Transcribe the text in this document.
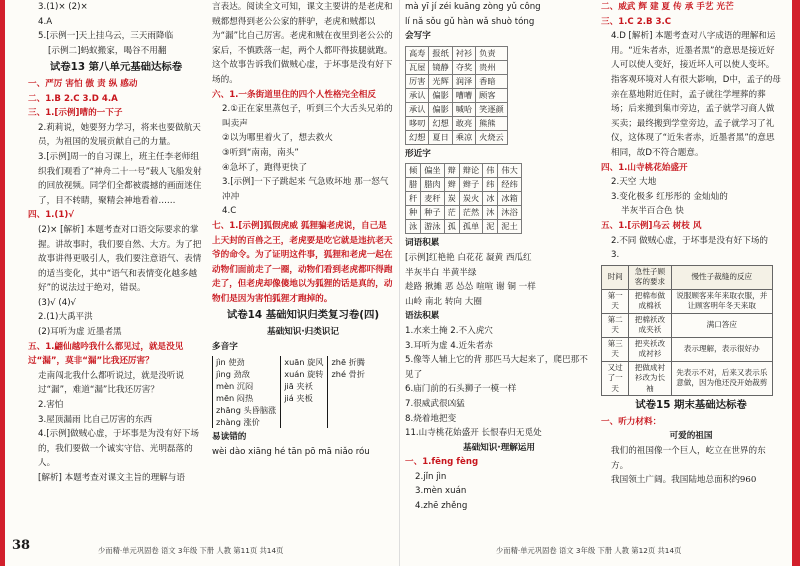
3.(1)× (2)×
4.A
5.[示例一]天上挂乌云，三天雨降临
[示例二]蚂蚁搬家，喝谷不用翻
试卷13 第八单元基础达标卷
一、严厉 害怕 傲 责 纵 感动
二、1.B 2.C 3.D 4.A
三、1.[示例]嘈的一下子
2.莉莉说，她要努力学习，将来也要做航天员，为祖国的发展贡献自己的力量。
3.[示例]周一的自习课上，班主任李老师组织我们观看了“神舟二十一号”载人飞船发射的回放视频。同学们全都被震撼的画面迷住了，目不转睛，聚精会神地看着……
四、1.(1)√
(2)× [解析] 本题考查对口语交际要求的掌握。讲故事时，我们要自然、大方。为了把故事讲得更吸引人，我们要注意语气、表情的适当变化，其中“语气和表情变化越多越好”的说法过于绝对，错误。
(3)√ (4)√
2.(1)大禹平洪
(2)耳听为虚 近墨者黑
五、1.翩仙越吟我什么都见过，就是没见过“漏”，莫非“漏”比我还厉害？
走南闯北我什么都听说过，就是没听说过“漏”，难道“漏”比我还厉害？
2.害怕
3.屋顶漏雨 比自己厉害的东西
4.[示例]做贼心虚，于坏事是为没有好下场的，我们要做一个诚实守信、光明磊落的人。
[解析] 本题考查对课文主旨的理解与语
言表达。阅读全文可知，课文主要讲的是老虎和贼都想得到老公公家的胖驴，老虎和贼都以为“漏”比自己厉害。老虎和贼在夜里到老公公的家后，不慎跌落一起，两个人都吓得拔腿就跑。这个故事告诉我们做贼心虚，于坏事是没有好下场的。
六、1.一条街道里住的四个人性格完全相反
2.①正在家里蒸包子，听到三个大舌头兄弟的叫卖声
②以为哪里着火了，想去救火
③听到“南南，南头”
④急坏了，跑得更快了
3.[示例]一下子跳起来 气急败坏地 那一怒气冲冲
4.C
七、1.[示例]狐假虎威 狐狸骗老虎说，自己是上天封的百兽之王，老虎要是吃它就是违抗老天爷的命令。为了证明这件事，狐狸和老虎一起在动物们面前走了一圈，动物们看到老虎都吓得跑走了，但老虎却像傻地以为狐狸的话是真的，动物们是因为害怕狐狸才跑掉的。
试卷14 基础知识归类复习卷(四)
基础知识·归类识记
多音字
jìn 使劲	xuān 旋风	zhē 折腾
jìng 劲敌	xuán 旋转	zhé 骨折
mèn 沉闷	jiā 夹袄	
mēn 闷热	jiá 夹板	
zhāng 头昏脑涨		
zhàng 涨价		
易读错的
wèi dào xiāng hé tān pō mā niǎo róu
mà yī jí zéi kuāng zòng yǔ công
lí nǎ sǒu gǔ hàn wǎ shuò tóng
会写字
高寿	报纸	衬衫	负责
瓦屋	镜静	夺奖	贵州
厉害	光辉	润泽	香暗
承认	偏影	嘈嘈	顾客
承认	偏影	喊哈	笑逐颜
哆叨	幻想	敢亮	熊熊
幻想	夏日	乘凉	火烧云
形近字
倾	偏坐	辩	辩论	伟	伟大
腊	腊肉	辫	辫子	纬	经纬
秆	麦秆	炭	炭火	冰	冰箱
种	种子	茫	茫然	沐	沐浴
泳	游泳	孤	孤单	泥	泥土
词语积累
[示例]红艳艳 白花花 凝黄 西瓜红
半灰半白 半黄半绿
趁路 揪摊 恶 怂怂 喧喧 谢 铜 一样
山岭 南北 转向 大圈
语法积累
1.水来土掩 2.不入虎穴
3.耳听为虚 4.近朱者赤
5.像等人辅上它的背 那匹马大起来了，爬巴那不见了
6.庙门前的石头狮子一模一样
7.很威武很凶猛
8.烧着地把变
11.山寺桃花始盛开 长恨春归无觅处
基础知识·理解运用
一、1.fēng fèng
2.jǐn jìn
3.mèn xuán
4.zhē zhěng
二、威武 辉 建 夏 传 承 手艺 光芒
三、1.C 2.B 3.C
4.D [解析] 本题考查对八字成语的理解和运用。“近朱者赤，近墨者黑”的意思是接近好人可以使人变好，接近坏人可以使人变坏。指客观环境对人有很大影响，D中，孟子的母亲在墓地附近住时，孟子就往学埋葬的葬场；后来搬到集市旁边，孟子就学习商人做买卖；最终搬到学堂旁边，孟子就学习了礼仪，这体现了“近朱者赤，近墨者黑”的意思相同，故D不符合题意。
四、1.山寺桃花始盛开
2.天空 大地
3.变化极多 红彤彤的 金灿灿的
半灰半百合色 快
五、1.[示例]乌云 树枝 风
2.不同 做贼心虚，于坏事是没有好下场的
3.
时间	急性子顾客的要求	慢性子裁缝的反应
第一天	把棉布做成棉袄	说服顾客来年来取衣服，并让顾客明年冬天来取
第二天	把棉袄改成夹袄	满口答应
第三天	把夹袄改成衬衫	表示理解，表示很好办
又过了一天	把做成衬衫改为长袖	先表示不对，后来又表示乐意做，因为他还没开始裁剪
试卷15 期末基础达标卷
一、听力材料：
可爱的祖国
我们的祖国像一个巨人，屹立在世界的东方。
我国领土广阔。我国陆地总面积约960
38	少而精·单元巩固卷 语文 3年级 下册 人教 第11页 共14页	少而精·单元巩固卷 语文 3年级 下册 人教 第12页 共14页
